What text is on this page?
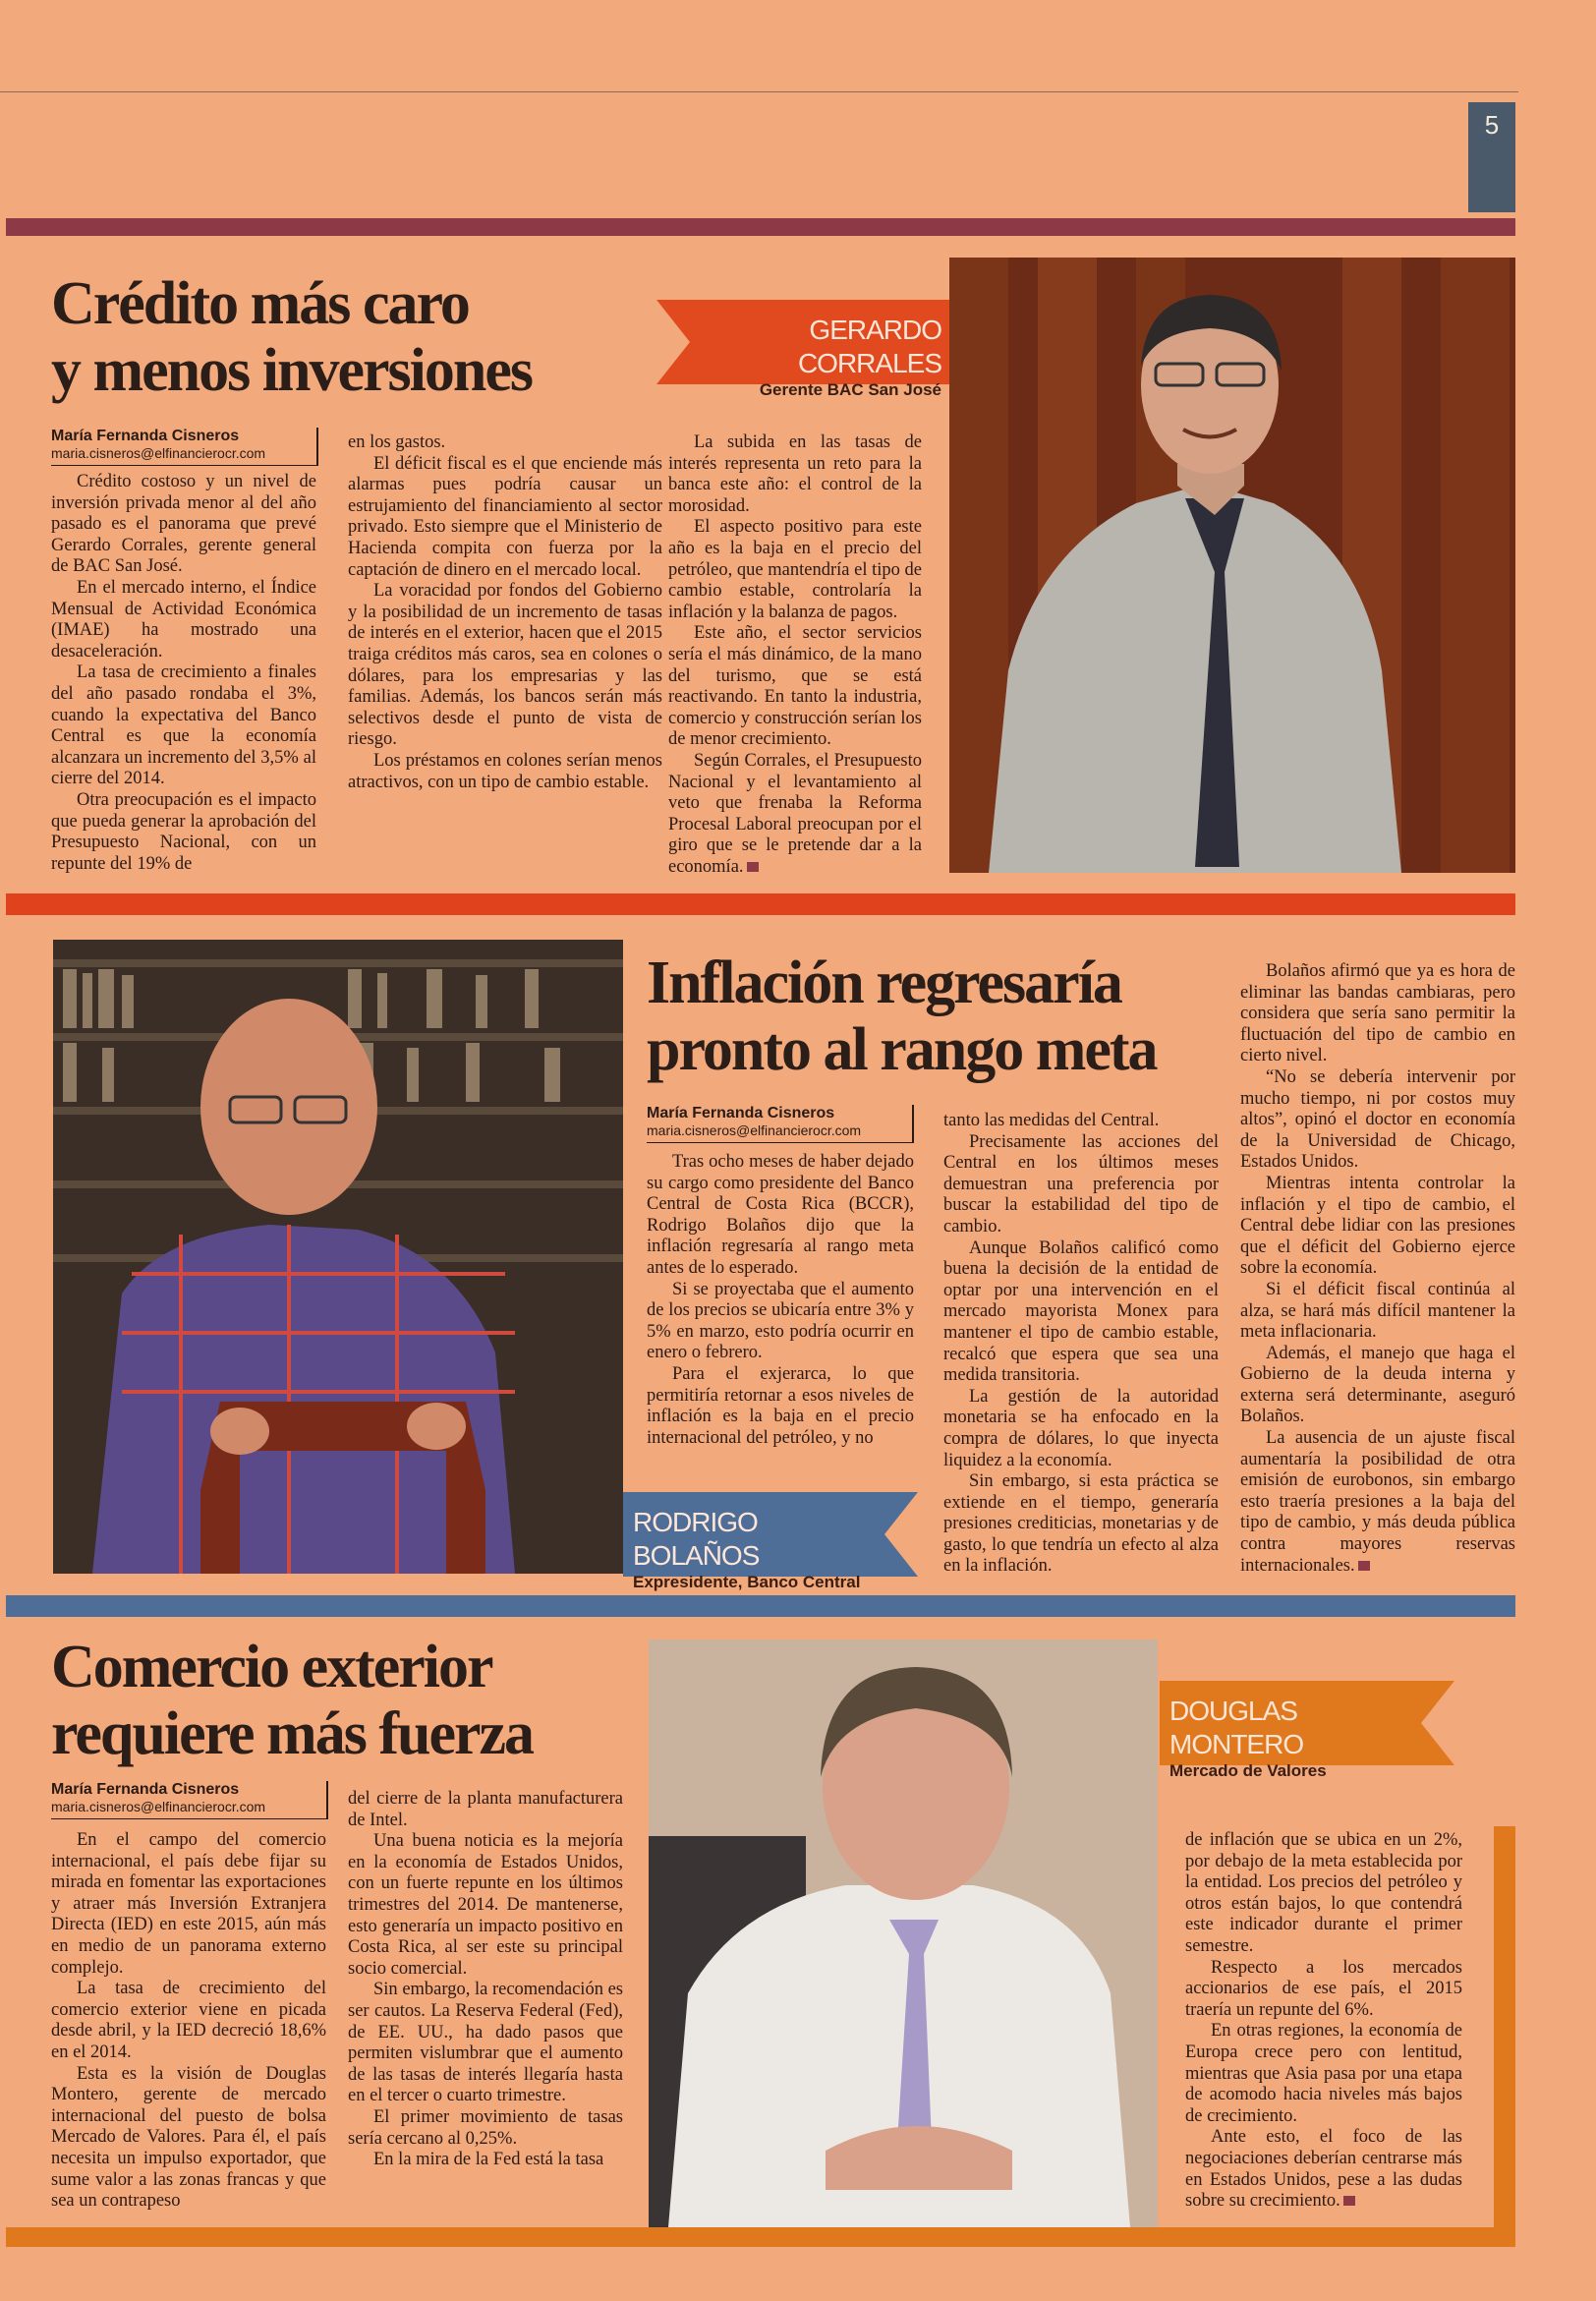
5
Crédito más caro
y menos inversiones
María Fernanda Cisneros
maria.cisneros@elfinancierocr.com
GERARDO CORRALES
Gerente BAC San José

Crédito costoso y un nivel de inversión privada menor al del año pasado es el panorama que prevé Gerardo Corrales, gerente general de BAC San José.

En el mercado interno, el Índice Mensual de Actividad Económica (IMAE) ha mostrado una desaceleración.

La tasa de crecimiento a finales del año pasado rondaba el 3%, cuando la expectativa del Banco Central es que la economía alcanzara un incremento del 3,5% al cierre del 2014.

Otra preocupación es el impacto que pueda generar la aprobación del Presupuesto Nacional, con un repunte del 19% de

en los gastos.

El déficit fiscal es el que enciende más alarmas pues podría causar un estrujamiento del financiamiento al sector privado. Esto siempre que el Ministerio de Hacienda compita con fuerza por la captación de dinero en el mercado local.

La voracidad por fondos del Gobierno y la posibilidad de un incremento de tasas de interés en el exterior, hacen que el 2015 traiga créditos más caros, sea en colones o dólares, para los empresarias y las familias. Además, los bancos serán más selectivos desde el punto de vista de riesgo.

Los préstamos en colones serían menos atractivos, con un tipo de cambio estable.

La subida en las tasas de interés representa un reto para la banca este año: el control de la morosidad.

El aspecto positivo para este año es la baja en el precio del petróleo, que mantendría el tipo de cambio estable, controlaría la inflación y la balanza de pagos.

Este año, el sector servicios sería el más dinámico, de la mano del turismo, que se está reactivando. En tanto la industria, comercio y construcción serían los de menor crecimiento.

Según Corrales, el Presupuesto Nacional y el levantamiento al veto que frenaba la Reforma Procesal Laboral preocupan por el giro que se le pretende dar a la economía.

Inflación regresaría
pronto al rango meta
María Fernanda Cisneros
maria.cisneros@elfinancierocr.com

Tras ocho meses de haber dejado su cargo como presidente del Banco Central de Costa Rica (BCCR), Rodrigo Bolaños dijo que la inflación regresaría al rango meta antes de lo esperado.

Si se proyectaba que el aumento de los precios se ubicaría entre 3% y 5% en marzo, esto podría ocurrir en enero o febrero.

Para el exjerarca, lo que permitiría retornar a esos niveles de inflación es la baja en el precio internacional del petróleo, y no

tanto las medidas del Central.

Precisamente las acciones del Central en los últimos meses demuestran una preferencia por buscar la estabilidad del tipo de cambio.

Aunque Bolaños calificó como buena la decisión de la entidad de optar por una intervención en el mercado mayorista Monex para mantener el tipo de cambio estable, recalcó que espera que sea una medida transitoria.

La gestión de la autoridad monetaria se ha enfocado en la compra de dólares, lo que inyecta liquidez a la economía.

Sin embargo, si esta práctica se extiende en el tiempo, generaría presiones crediticias, monetarias y de gasto, lo que tendría un efecto al alza en la inflación.

Bolaños afirmó que ya es hora de eliminar las bandas cambiaras, pero considera que sería sano permitir la fluctuación del tipo de cambio en cierto nivel.

“No se debería intervenir por mucho tiempo, ni por costos muy altos”, opinó el doctor en economía de la Universidad de Chicago, Estados Unidos.

Mientras intenta controlar la inflación y el tipo de cambio, el Central debe lidiar con las presiones que el déficit del Gobierno ejerce sobre la economía.

Si el déficit fiscal continúa al alza, se hará más difícil mantener la meta inflacionaria.

Además, el manejo que haga el Gobierno de la deuda interna y externa será determinante, aseguró Bolaños.

La ausencia de un ajuste fiscal aumentaría la posibilidad de otra emisión de eurobonos, sin embargo esto traería presiones a la baja del tipo de cambio, y más deuda pública contra mayores reservas internacionales.

RODRIGO BOLAÑOS
Expresidente, Banco Central
Comercio exterior
requiere más fuerza
María Fernanda Cisneros
maria.cisneros@elfinancierocr.com

En el campo del comercio internacional, el país debe fijar su mirada en fomentar las exportaciones y atraer más Inversión Extranjera Directa (IED) en este 2015, aún más en medio de un panorama externo complejo.

La tasa de crecimiento del comercio exterior viene en picada desde abril, y la IED decreció 18,6% en el 2014.

Esta es la visión de Douglas Montero, gerente de mercado internacional del puesto de bolsa Mercado de Valores. Para él, el país necesita un impulso exportador, que sume valor a las zonas francas y que sea un contrapeso

del cierre de la planta manufacturera de Intel.

Una buena noticia es la mejoría en la economía de Estados Unidos, con un fuerte repunte en los últimos trimestres del 2014. De mantenerse, esto generaría un impacto positivo en Costa Rica, al ser este su principal socio comercial.

Sin embargo, la recomendación es ser cautos. La Reserva Federal (Fed), de EE. UU., ha dado pasos que permiten vislumbrar que el aumento de las tasas de interés llegaría hasta en el tercer o cuarto trimestre.

El primer movimiento de tasas sería cercano al 0,25%.

En la mira de la Fed está la tasa

DOUGLAS MONTERO
Mercado de Valores

de inflación que se ubica en un 2%, por debajo de la meta establecida por la entidad. Los precios del petróleo y otros están bajos, lo que contendrá este indicador durante el primer semestre.

Respecto a los mercados accionarios de ese país, el 2015 traería un repunte del 6%.

En otras regiones, la economía de Europa crece pero con lentitud, mientras que Asia pasa por una etapa de acomodo hacia niveles más bajos de crecimiento.

Ante esto, el foco de las negociaciones deberían centrarse más en Estados Unidos, pese a las dudas sobre su crecimiento.
